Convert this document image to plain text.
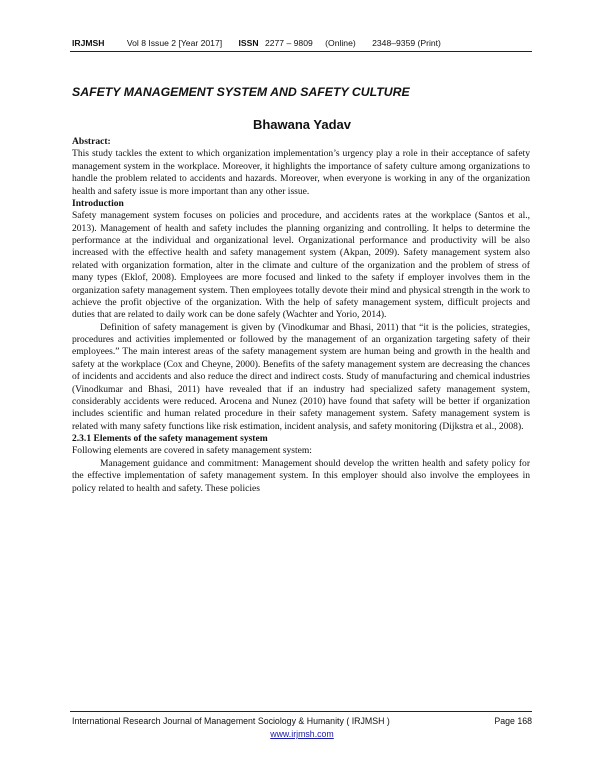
IRJMSH	Vol 8 Issue 2 [Year 2017] ISSN 2277 – 9809 (Online) 2348–9359 (Print)
SAFETY MANAGEMENT SYSTEM AND SAFETY CULTURE
Bhawana Yadav

Abstract:

This study tackles the extent to which organization implementation’s urgency play a role in their acceptance of safety management system in the workplace. Moreover, it highlights the importance of safety culture among organizations to handle the problem related to accidents and hazards. Moreover, when everyone is working in any of the organization health and safety issue is more important than any other issue.

Introduction

Safety management system focuses on policies and procedure, and accidents rates at the workplace (Santos et al., 2013). Management of health and safety includes the planning organizing and controlling. It helps to determine the performance at the individual and organizational level. Organizational performance and productivity will be also increased with the effective health and safety management system (Akpan, 2009). Safety management system also related with organization formation, alter in the climate and culture of the organization and the problem of stress of many types (Eklof, 2008). Employees are more focused and linked to the safety if employer involves them in the organization safety management system. Then employees totally devote their mind and physical strength in the work to achieve the profit objective of the organization. With the help of safety management system, difficult projects and duties that are related to daily work can be done safely (Wachter and Yorio, 2014).

Definition of safety management is given by (Vinodkumar and Bhasi, 2011) that “it is the policies, strategies, procedures and activities implemented or followed by the management of an organization targeting safety of their employees.” The main interest areas of the safety management system are human being and growth in the health and safety at the workplace (Cox and Cheyne, 2000). Benefits of the safety management system are decreasing the chances of incidents and accidents and also reduce the direct and indirect costs. Study of manufacturing and chemical industries (Vinodkumar and Bhasi, 2011) have revealed that if an industry had specialized safety management system, considerably accidents were reduced. Arocena and Nunez (2010) have found that safety will be better if organization includes scientific and human related procedure in their safety management system. Safety management system is related with many safety functions like risk estimation, incident analysis, and safety monitoring (Dijkstra et al., 2008).

2.3.1 Elements of the safety management system

Following elements are covered in safety management system:

Management guidance and commitment: Management should develop the written health and safety policy for the effective implementation of safety management system. In this employer should also involve the employees in policy related to health and safety. These policies

International Research Journal of Management Sociology & Humanity ( IRJMSH )	Page 168
www.irjmsh.com
